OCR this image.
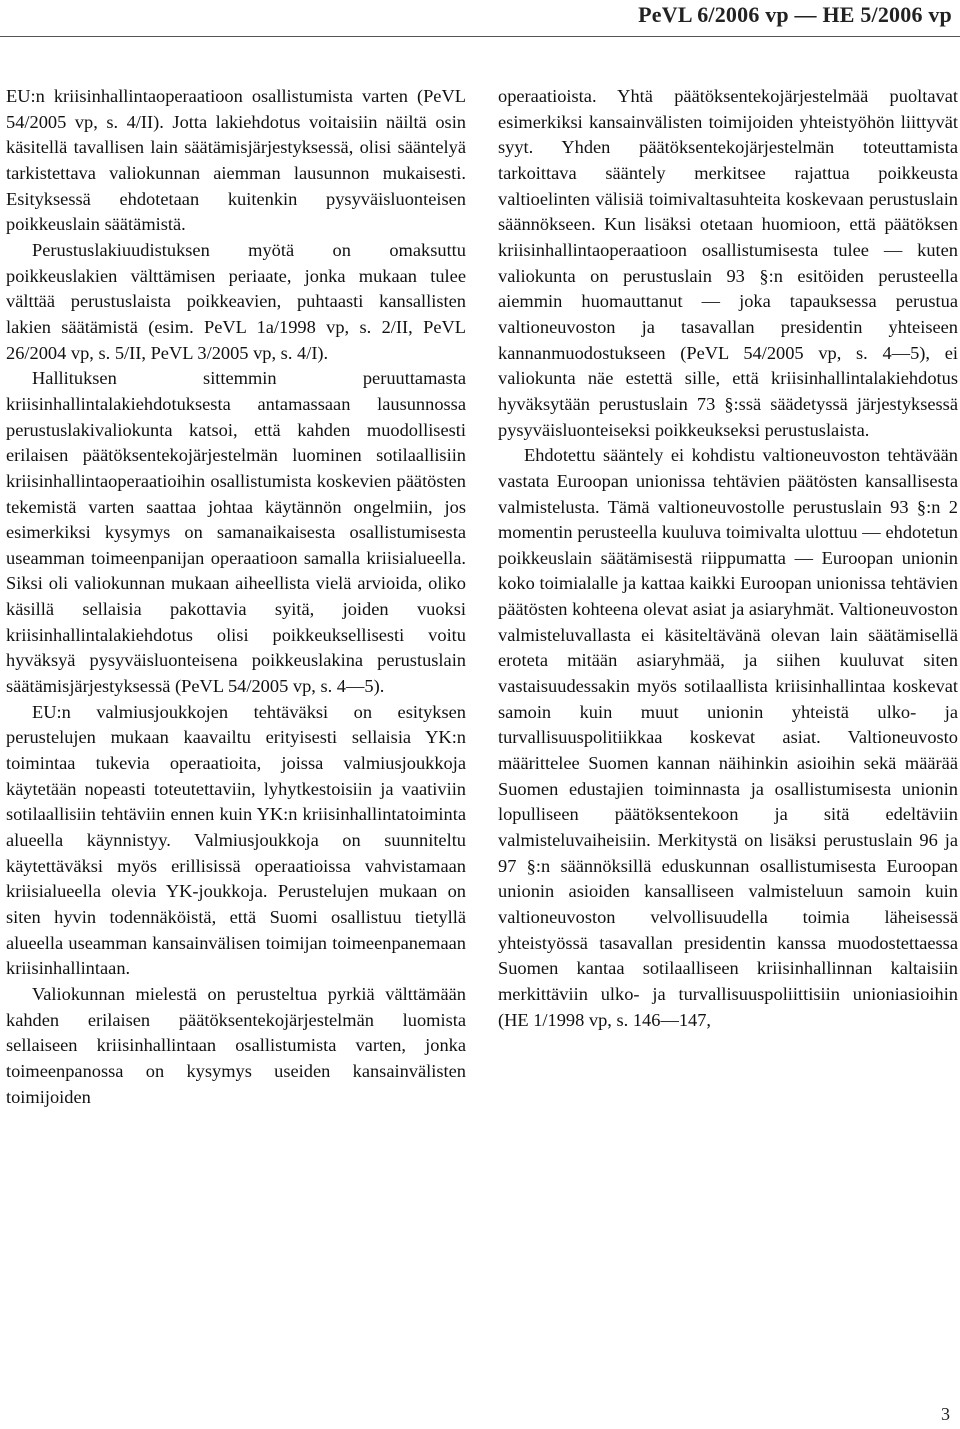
PeVL 6/2006 vp — HE 5/2006 vp

EU:n kriisinhallintaoperaatioon osallistumista varten (PeVL 54/2005 vp, s. 4/II). Jotta lakiehdotus voitaisiin näiltä osin käsitellä tavallisen lain säätämisjärjestyksessä, olisi sääntelyä tarkistettava valiokunnan aiemman lausunnon mukaisesti. Esityksessä ehdotetaan kuitenkin pysyväisluonteisen poikkeuslain säätämistä.

Perustuslakiuudistuksen myötä on omaksuttu poikkeuslakien välttämisen periaate, jonka mukaan tulee välttää perustuslaista poikkeavien, puhtaasti kansallisten lakien säätämistä (esim. PeVL 1a/1998 vp, s. 2/II, PeVL 26/2004 vp, s. 5/II, PeVL 3/2005 vp, s. 4/I).

Hallituksen sittemmin peruuttamasta kriisinhallintalakiehdotuksesta antamassaan lausunnossa perustuslakivaliokunta katsoi, että kahden muodollisesti erilaisen päätöksentekojärjestelmän luominen sotilaallisiin kriisinhallintaoperaatioihin osallistumista koskevien päätösten tekemistä varten saattaa johtaa käytännön ongelmiin, jos esimerkiksi kysymys on samanaikaisesta osallistumisesta useamman toimeenpanijan operaatioon samalla kriisialueella. Siksi oli valiokunnan mukaan aiheellista vielä arvioida, oliko käsillä sellaisia pakottavia syitä, joiden vuoksi kriisinhallintalakiehdotus olisi poikkeuksellisesti voitu hyväksyä pysyväisluonteisena poikkeuslakina perustuslain säätämisjärjestyksessä (PeVL 54/2005 vp, s. 4—5).

EU:n valmiusjoukkojen tehtäväksi on esityksen perustelujen mukaan kaavailtu erityisesti sellaisia YK:n toimintaa tukevia operaatioita, joissa valmiusjoukkoja käytetään nopeasti toteutettaviin, lyhytkestoisiin ja vaativiin sotilaallisiin tehtäviin ennen kuin YK:n kriisinhallintatoiminta alueella käynnistyy. Valmiusjoukkoja on suunniteltu käytettäväksi myös erillisissä operaatioissa vahvistamaan kriisialueella olevia YK-joukkoja. Perustelujen mukaan on siten hyvin todennäköistä, että Suomi osallistuu tietyllä alueella useamman kansainvälisen toimijan toimeenpanemaan kriisinhallintaan.

Valiokunnan mielestä on perusteltua pyrkiä välttämään kahden erilaisen päätöksentekojärjestelmän luomista sellaiseen kriisinhallintaan osallistumista varten, jonka toimeenpanossa on kysymys useiden kansainvälisten toimijoiden

operaatioista. Yhtä päätöksentekojärjestelmää puoltavat esimerkiksi kansainvälisten toimijoiden yhteistyöhön liittyvät syyt. Yhden päätöksentekojärjestelmän toteuttamista tarkoittava sääntely merkitsee rajattua poikkeusta valtioelinten välisiä toimivaltasuhteita koskevaan perustuslain säännökseen. Kun lisäksi otetaan huomioon, että päätöksen kriisinhallintaoperaatioon osallistumisesta tulee — kuten valiokunta on perustuslain 93 §:n esitöiden perusteella aiemmin huomauttanut — joka tapauksessa perustua valtioneuvoston ja tasavallan presidentin yhteiseen kannanmuodostukseen (PeVL 54/2005 vp, s. 4—5), ei valiokunta näe estettä sille, että kriisinhallintalakiehdotus hyväksytään perustuslain 73 §:ssä säädetyssä järjestyksessä pysyväisluonteiseksi poikkeukseksi perustuslaista.

Ehdotettu sääntely ei kohdistu valtioneuvoston tehtävään vastata Euroopan unionissa tehtävien päätösten kansallisesta valmistelusta. Tämä valtioneuvostolle perustuslain 93 §:n 2 momentin perusteella kuuluva toimivalta ulottuu — ehdotetun poikkeuslain säätämisestä riippumatta — Euroopan unionin koko toimialalle ja kattaa kaikki Euroopan unionissa tehtävien päätösten kohteena olevat asiat ja asiaryhmät. Valtioneuvoston valmisteluvallasta ei käsiteltävänä olevan lain säätämisellä eroteta mitään asiaryhmää, ja siihen kuuluvat siten vastaisuudessakin myös sotilaallista kriisinhallintaa koskevat samoin kuin muut unionin yhteistä ulko- ja turvallisuuspolitiikkaa koskevat asiat. Valtioneuvosto määrittelee Suomen kannan näihinkin asioihin sekä määrää Suomen edustajien toiminnasta ja osallistumisesta unionin lopulliseen päätöksentekoon ja sitä edeltäviin valmisteluvaiheisiin. Merkitystä on lisäksi perustuslain 96 ja 97 §:n säännöksillä eduskunnan osallistumisesta Euroopan unionin asioiden kansalliseen valmisteluun samoin kuin valtioneuvoston velvollisuudella toimia läheisessä yhteistyössä tasavallan presidentin kanssa muodostettaessa Suomen kantaa sotilaalliseen kriisinhallinnan kaltaisiin merkittäviin ulko- ja turvallisuuspoliittisiin unioniasioihin (HE 1/1998 vp, s. 146—147,

3
